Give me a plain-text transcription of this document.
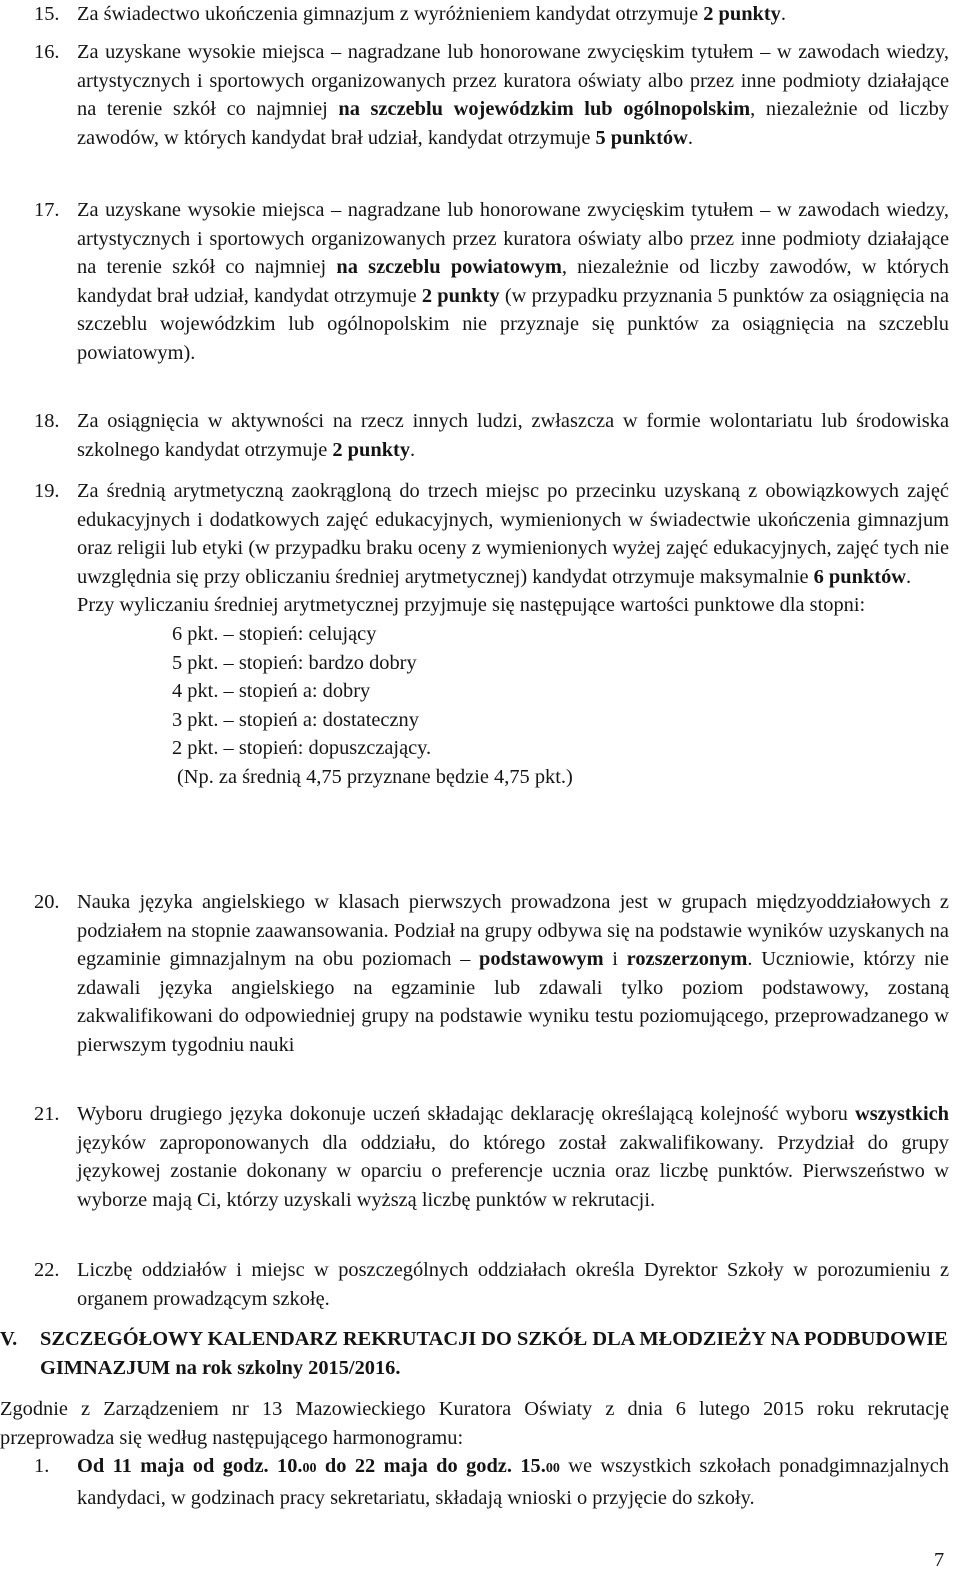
15. Za świadectwo ukończenia gimnazjum z wyróżnieniem kandydat otrzymuje 2 punkty.
16. Za uzyskane wysokie miejsca – nagradzane lub honorowane zwycięskim tytułem – w zawodach wiedzy, artystycznych i sportowych organizowanych przez kuratora oświaty albo przez inne podmioty działające na terenie szkół co najmniej na szczeblu wojewódzkim lub ogólnopolskim, niezależnie od liczby zawodów, w których kandydat brał udział, kandydat otrzymuje 5 punktów.
17. Za uzyskane wysokie miejsca – nagradzane lub honorowane zwycięskim tytułem – w zawodach wiedzy, artystycznych i sportowych organizowanych przez kuratora oświaty albo przez inne podmioty działające na terenie szkół co najmniej na szczeblu powiatowym, niezależnie od liczby zawodów, w których kandydat brał udział, kandydat otrzymuje 2 punkty (w przypadku przyznania 5 punktów za osiągnięcia na szczeblu wojewódzkim lub ogólnopolskim nie przyznaje się punktów za osiągnięcia na szczeblu powiatowym).
18. Za osiągnięcia w aktywności na rzecz innych ludzi, zwłaszcza w formie wolontariatu lub środowiska szkolnego kandydat otrzymuje 2 punkty.
19. Za średnią arytmetyczną zaokrągloną do trzech miejsc po przecinku uzyskaną z obowiązkowych zajęć edukacyjnych i dodatkowych zajęć edukacyjnych, wymienionych w świadectwie ukończenia gimnazjum oraz religii lub etyki (w przypadku braku oceny z wymienionych wyżej zajęć edukacyjnych, zajęć tych nie uwzględnia się przy obliczaniu średniej arytmetycznej) kandydat otrzymuje maksymalnie 6 punktów.

Przy wyliczaniu średniej arytmetycznej przyjmuje się następujące wartości punktowe dla stopni:

6 pkt. – stopień: celujący
5 pkt. – stopień: bardzo dobry
4 pkt. – stopień a: dobry
3 pkt. – stopień a: dostateczny
2 pkt. – stopień: dopuszczający.
(Np. za średnią 4,75 przyznane będzie 4,75 pkt.)
20. Nauka języka angielskiego w klasach pierwszych prowadzona jest w grupach międzyoddziałowych z podziałem na stopnie zaawansowania. Podział na grupy odbywa się na podstawie wyników uzyskanych na egzaminie gimnazjalnym na obu poziomach – podstawowym i rozszerzonym. Uczniowie, którzy nie zdawali języka angielskiego na egzaminie lub zdawali tylko poziom podstawowy, zostaną zakwalifikowani do odpowiedniej grupy na podstawie wyniku testu poziomującego, przeprowadzanego w pierwszym tygodniu nauki
21. Wyboru drugiego języka dokonuje uczeń składając deklarację określającą kolejność wyboru wszystkich języków zaproponowanych dla oddziału, do którego został zakwalifikowany. Przydział do grupy językowej zostanie dokonany w oparciu o preferencje ucznia oraz liczbę punktów. Pierwszeństwo w wyborze mają Ci, którzy uzyskali wyższą liczbę punktów w rekrutacji.
22. Liczbę oddziałów i miejsc w poszczególnych oddziałach określa Dyrektor Szkoły w porozumieniu z organem prowadzącym szkołę.
V. SZCZEGÓŁOWY KALENDARZ REKRUTACJI DO SZKÓŁ DLA MŁODZIEŻY NA PODBUDOWIE GIMNAZJUM na rok szkolny 2015/2016.

Zgodnie z Zarządzeniem nr 13 Mazowieckiego Kuratora Oświaty z dnia 6 lutego 2015 roku rekrutację przeprowadza się według następującego harmonogramu:

1. Od 11 maja od godz. 10.00 do 22 maja do godz. 15.00 we wszystkich szkołach ponadgimnazjalnych kandydaci, w godzinach pracy sekretariatu, składają wnioski o przyjęcie do szkoły.
7
